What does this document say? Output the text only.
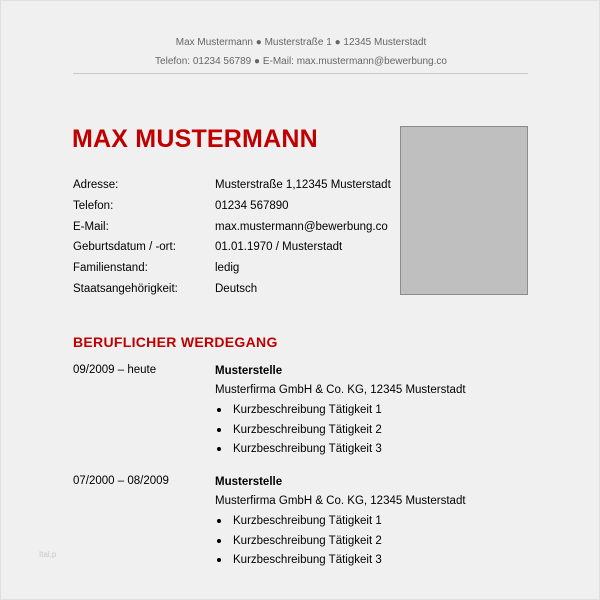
Max Mustermann ● Musterstraße 1 ● 12345 Musterstadt
Telefon: 01234 56789 ● E-Mail: max.mustermann@bewerbung.co
MAX MUSTERMANN
Adresse:	Musterstraße 1,12345 Musterstadt
Telefon:	01234 567890
E-Mail:	max.mustermann@bewerbung.co
Geburtsdatum / -ort:	01.01.1970 / Musterstadt
Familienstand:	ledig
Staatsangehörigkeit:	Deutsch
BERUFLICHER WERDEGANG
09/2009 – heute	Musterstelle
Musterfirma GmbH & Co. KG, 12345 Musterstadt
Kurzbeschreibung Tätigkeit 1
Kurzbeschreibung Tätigkeit 2
Kurzbeschreibung Tätigkeit 3
07/2000 – 08/2009	Musterstelle
Musterfirma GmbH & Co. KG, 12345 Musterstadt
Kurzbeschreibung Tätigkeit 1
Kurzbeschreibung Tätigkeit 2
Kurzbeschreibung Tätigkeit 3
Ital.p
